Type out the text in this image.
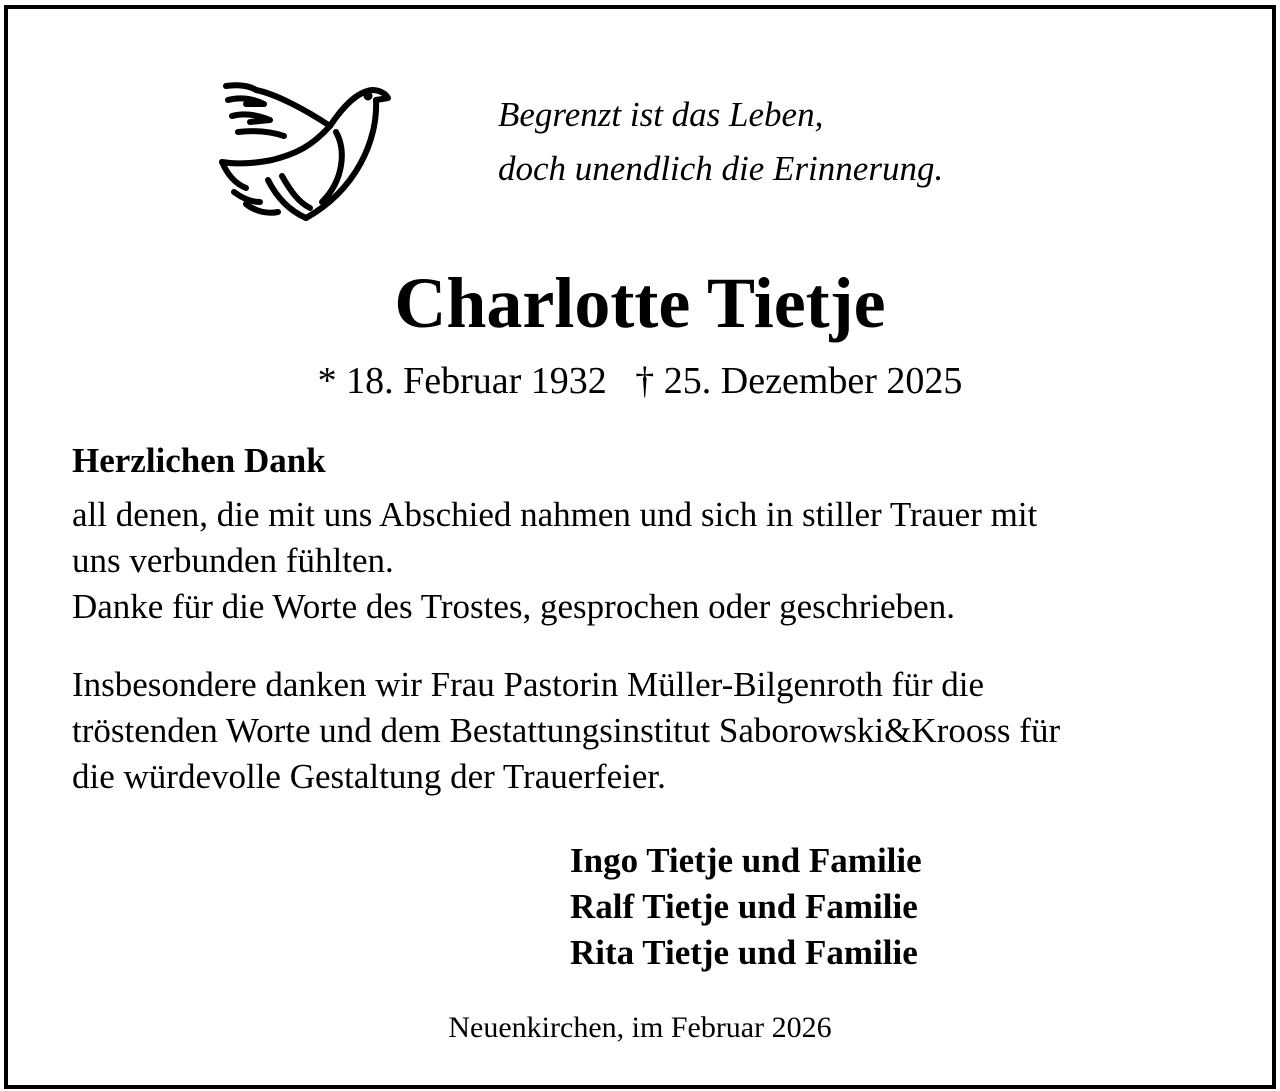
Begrenzt ist das Leben,
doch unendlich die Erinnerung.
Charlotte Tietje
* 18. Februar 1932   † 25. Dezember 2025
Herzlichen Dank
all denen, die mit uns Abschied nahmen und sich in stiller Trauer mit
uns verbunden fühlten.
Danke für die Worte des Trostes, gesprochen oder geschrieben.
Insbesondere danken wir Frau Pastorin Müller-Bilgenroth für die
tröstenden Worte und dem Bestattungsinstitut Saborowski&Krooss für
die würdevolle Gestaltung der Trauerfeier.
Ingo Tietje und Familie
Ralf Tietje und Familie
Rita Tietje und Familie
Neuenkirchen, im Februar 2026
